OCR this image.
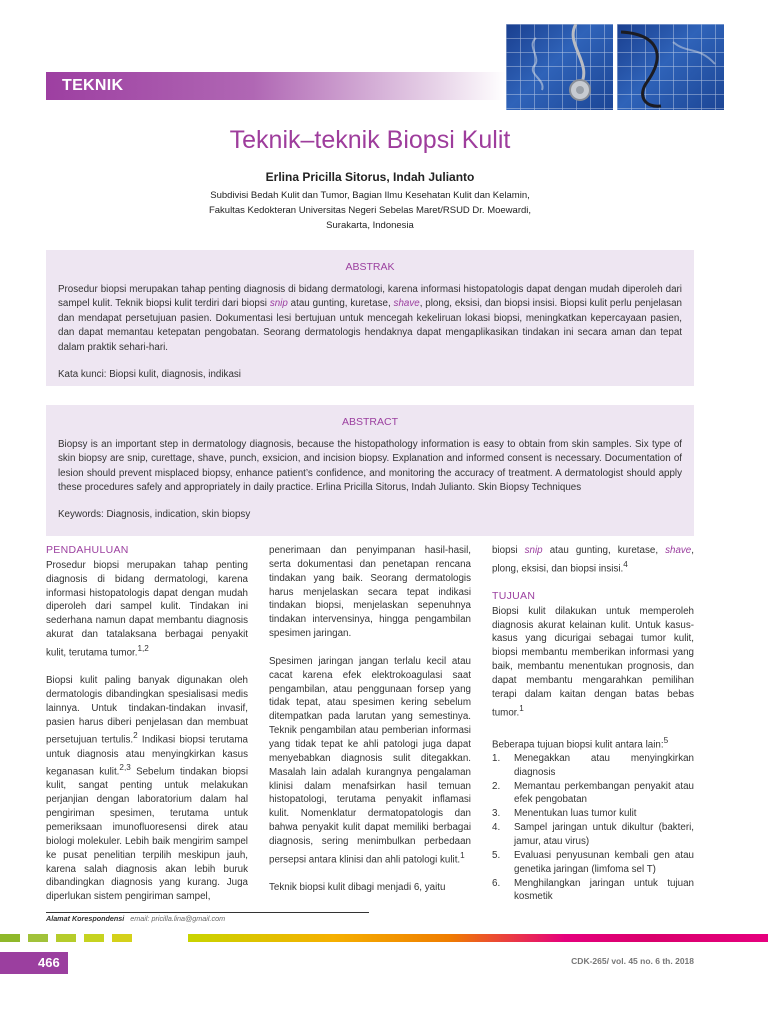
TEKNIK
Teknik–teknik Biopsi Kulit
Erlina Pricilla Sitorus, Indah Julianto
Subdivisi Bedah Kulit dan Tumor, Bagian Ilmu Kesehatan Kulit dan Kelamin,
Fakultas Kedokteran Universitas Negeri Sebelas Maret/RSUD Dr. Moewardi,
Surakarta, Indonesia
ABSTRAK
Prosedur biopsi merupakan tahap penting diagnosis di bidang dermatologi, karena informasi histopatologis dapat dengan mudah diperoleh dari sampel kulit. Teknik biopsi kulit terdiri dari biopsi snip atau gunting, kuretase, shave, plong, eksisi, dan biopsi insisi. Biopsi kulit perlu penjelasan dan mendapat persetujuan pasien. Dokumentasi lesi bertujuan untuk mencegah kekeliruan lokasi biopsi, meningkatkan kepercayaan pasien, dan dapat memantau ketepatan pengobatan. Seorang dermatologis hendaknya dapat mengaplikasikan tindakan ini secara aman dan tepat dalam praktik sehari-hari.
Kata kunci: Biopsi kulit, diagnosis, indikasi
ABSTRACT
Biopsy is an important step in dermatology diagnosis, because the histopathology information is easy to obtain from skin samples. Six type of skin biopsy are snip, curettage, shave, punch, exsicion, and incision biopsy. Explanation and informed consent is necessary. Documentation of lesion should prevent misplaced biopsy, enhance patient’s confidence, and monitoring the accuracy of treatment. A dermatologist should apply these procedures safely and appropriately in daily practice. Erlina Pricilla Sitorus, Indah Julianto. Skin Biopsy Techniques
Keywords: Diagnosis, indication, skin biopsy
PENDAHULUAN

Prosedur biopsi merupakan tahap penting diagnosis di bidang dermatologi, karena informasi histopatologis dapat dengan mudah diperoleh dari sampel kulit. Tindakan ini sederhana namun dapat membantu diagnosis akurat dan tatalaksana berbagai penyakit kulit, terutama tumor.$^{1,2}$

Biopsi kulit paling banyak digunakan oleh dermatologis dibandingkan spesialisasi medis lainnya. Untuk tindakan-tindakan invasif, pasien harus diberi penjelasan dan membuat persetujuan tertulis.$^2$ Indikasi biopsi terutama untuk diagnosis atau menyingkirkan kasus keganasan kulit.$^{2,3}$ Sebelum tindakan biopsi kulit, sangat penting untuk melakukan perjanjian dengan laboratorium dalam hal pengiriman spesimen, terutama untuk pemeriksaan imunofluoresensi direk atau biologi molekuler. Lebih baik mengirim sampel ke pusat penelitian terpilih meskipun jauh, karena salah diagnosis akan lebih buruk dibandingkan diagnosis yang kurang. Juga diperlukan sistem pengiriman sampel,

penerimaan dan penyimpanan hasil-hasil, serta dokumentasi dan penetapan rencana tindakan yang baik. Seorang dermatologis harus menjelaskan secara tepat indikasi tindakan biopsi, menjelaskan sepenuhnya tindakan intervensinya, hingga pengambilan spesimen jaringan.

Spesimen jaringan jangan terlalu kecil atau cacat karena efek elektrokoagulasi saat pengambilan, atau penggunaan forsep yang tidak tepat, atau spesimen kering sebelum ditempatkan pada larutan yang semestinya. Teknik pengambilan atau pemberian informasi yang tidak tepat ke ahli patologi juga dapat menyebabkan diagnosis sulit ditegakkan. Masalah lain adalah kurangnya pengalaman klinisi dalam menafsirkan hasil temuan histopatologi, terutama penyakit inflamasi kulit. Nomenklatur dermatopatologis dan bahwa penyakit kulit dapat memiliki berbagai diagnosis, sering menimbulkan perbedaan persepsi antara klinisi dan ahli patologi kulit.$^1$

Teknik biopsi kulit dibagi menjadi 6, yaitu

biopsi snip atau gunting, kuretase, shave, plong, eksisi, dan biopsi insisi.$^4$

TUJUAN

Biopsi kulit dilakukan untuk memperoleh diagnosis akurat kelainan kulit. Untuk kasus-kasus yang dicurigai sebagai tumor kulit, biopsi membantu memberikan informasi yang baik, membantu menentukan prognosis, dan dapat membantu mengarahkan pemilihan terapi dalam kaitan dengan batas bebas tumor.$^1$

Beberapa tujuan biopsi kulit antara lain:$^5$

1.	Menegakkan atau menyingkirkan diagnosis
2.	Memantau perkembangan penyakit atau efek pengobatan
3.	Menentukan luas tumor kulit
4.	Sampel jaringan untuk dikultur (bakteri, jamur, atau virus)
5.	Evaluasi penyusunan kembali gen atau genetika jaringan (limfoma sel T)
6.	Menghilangkan jaringan untuk tujuan kosmetik
Alamat Korespondensi email: pricilla.lina@gmail.com
466	CDK-265/ vol. 45 no. 6 th. 2018
